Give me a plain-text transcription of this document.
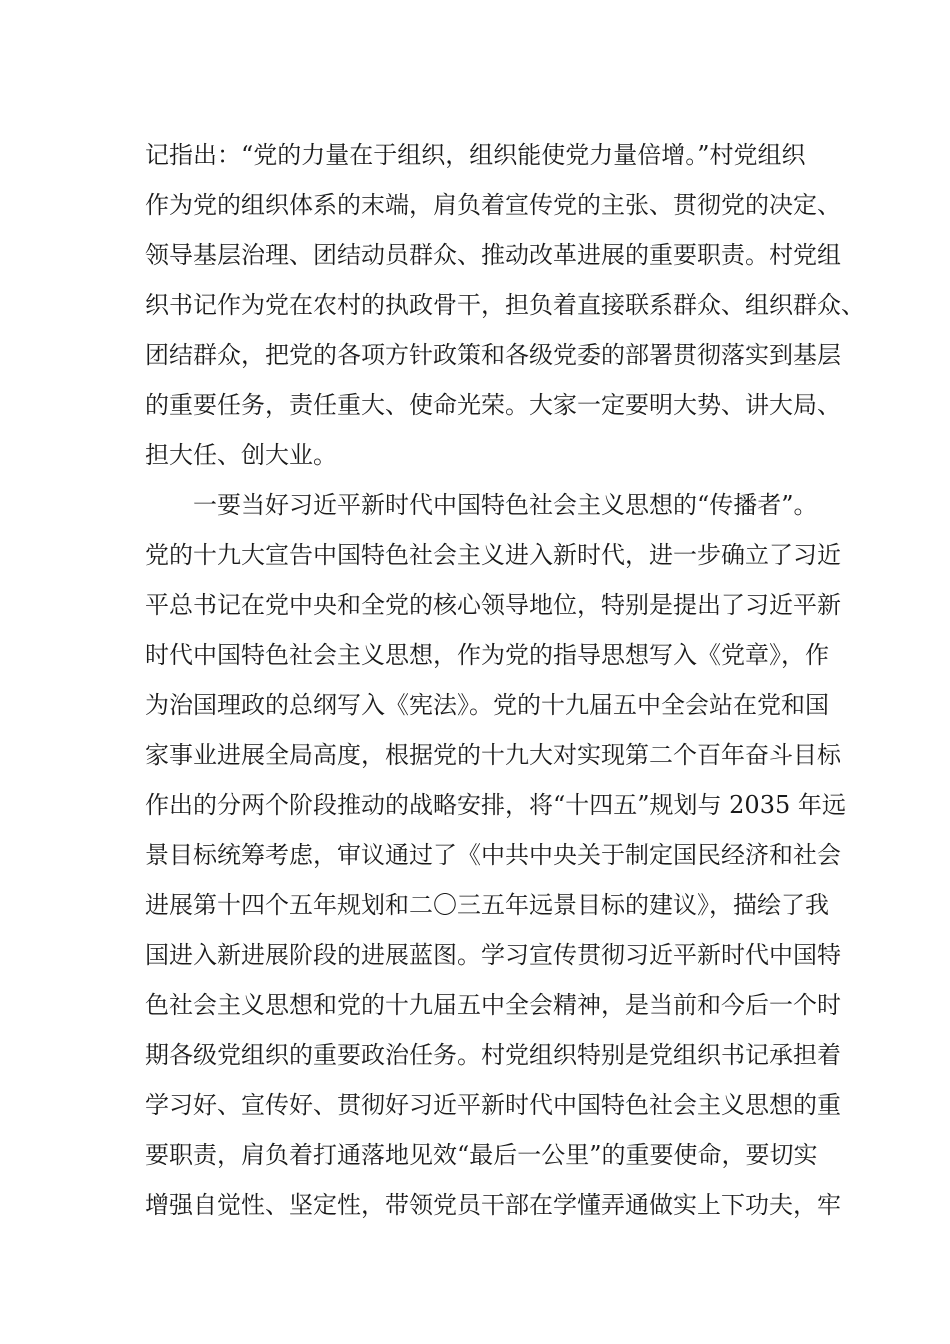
记指出：“党的力量在于组织，组织能使党力量倍增。”村党组织
作为党的组织体系的末端，肩负着宣传党的主张、贯彻党的决定、
领导基层治理、团结动员群众、推动改革进展的重要职责。村党组
织书记作为党在农村的执政骨干，担负着直接联系群众、组织群众、
团结群众，把党的各项方针政策和各级党委的部署贯彻落实到基层
的重要任务，责任重大、使命光荣。大家一定要明大势、讲大局、
担大任、创大业。
一要当好习近平新时代中国特色社会主义思想的“传播者”。
党的十九大宣告中国特色社会主义进入新时代，进一步确立了习近
平总书记在党中央和全党的核心领导地位，特别是提出了习近平新
时代中国特色社会主义思想，作为党的指导思想写入《党章》，作
为治国理政的总纲写入《宪法》。党的十九届五中全会站在党和国
家事业进展全局高度，根据党的十九大对实现第二个百年奋斗目标
作出的分两个阶段推动的战略安排，将“十四五”规划与 2035 年远
景目标统筹考虑，审议通过了《中共中央关于制定国民经济和社会
进展第十四个五年规划和二〇三五年远景目标的建议》，描绘了我
国进入新进展阶段的进展蓝图。学习宣传贯彻习近平新时代中国特
色社会主义思想和党的十九届五中全会精神，是当前和今后一个时
期各级党组织的重要政治任务。村党组织特别是党组织书记承担着
学习好、宣传好、贯彻好习近平新时代中国特色社会主义思想的重
要职责，肩负着打通落地见效“最后一公里”的重要使命，要切实
增强自觉性、坚定性，带领党员干部在学懂弄通做实上下功夫，牢
